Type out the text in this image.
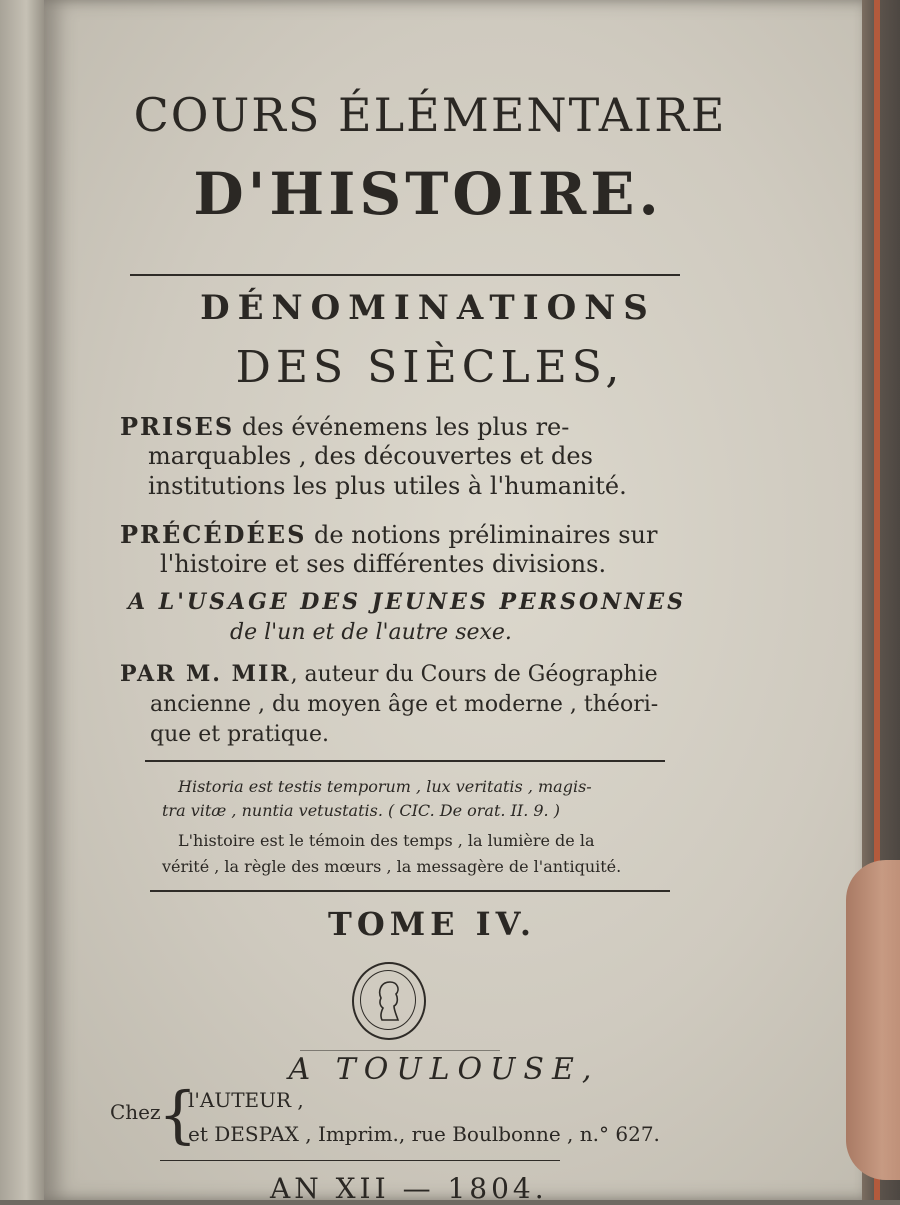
COURS ÉLÉMENTAIRE
D'HISTOIRE.
DÉNOMINATIONS
DES SIÈCLES,
PRISES des événemens les plus re-
marquables , des découvertes et des
institutions les plus utiles à l'humanité.
PRÉCÉDÉES de notions préliminaires sur
l'histoire et ses différentes divisions.
A L'USAGE DES JEUNES PERSONNES
de l'un et de l'autre sexe.
PAR M. MIR, auteur du Cours de Géographie
ancienne , du moyen âge et moderne , théori-
que et pratique.
Historia est testis temporum , lux veritatis , magis-
tra vitæ , nuntia vetustatis. ( CIC. De orat. II. 9. )
L'histoire est le témoin des temps , la lumière de la
vérité , la règle des mœurs , la messagère de l'antiquité.
TOME IV.
A TOULOUSE,
Chez
{
l'AUTEUR ,
et DESPAX , Imprim., rue Boulbonne , n.° 627.
AN XII — 1804.
